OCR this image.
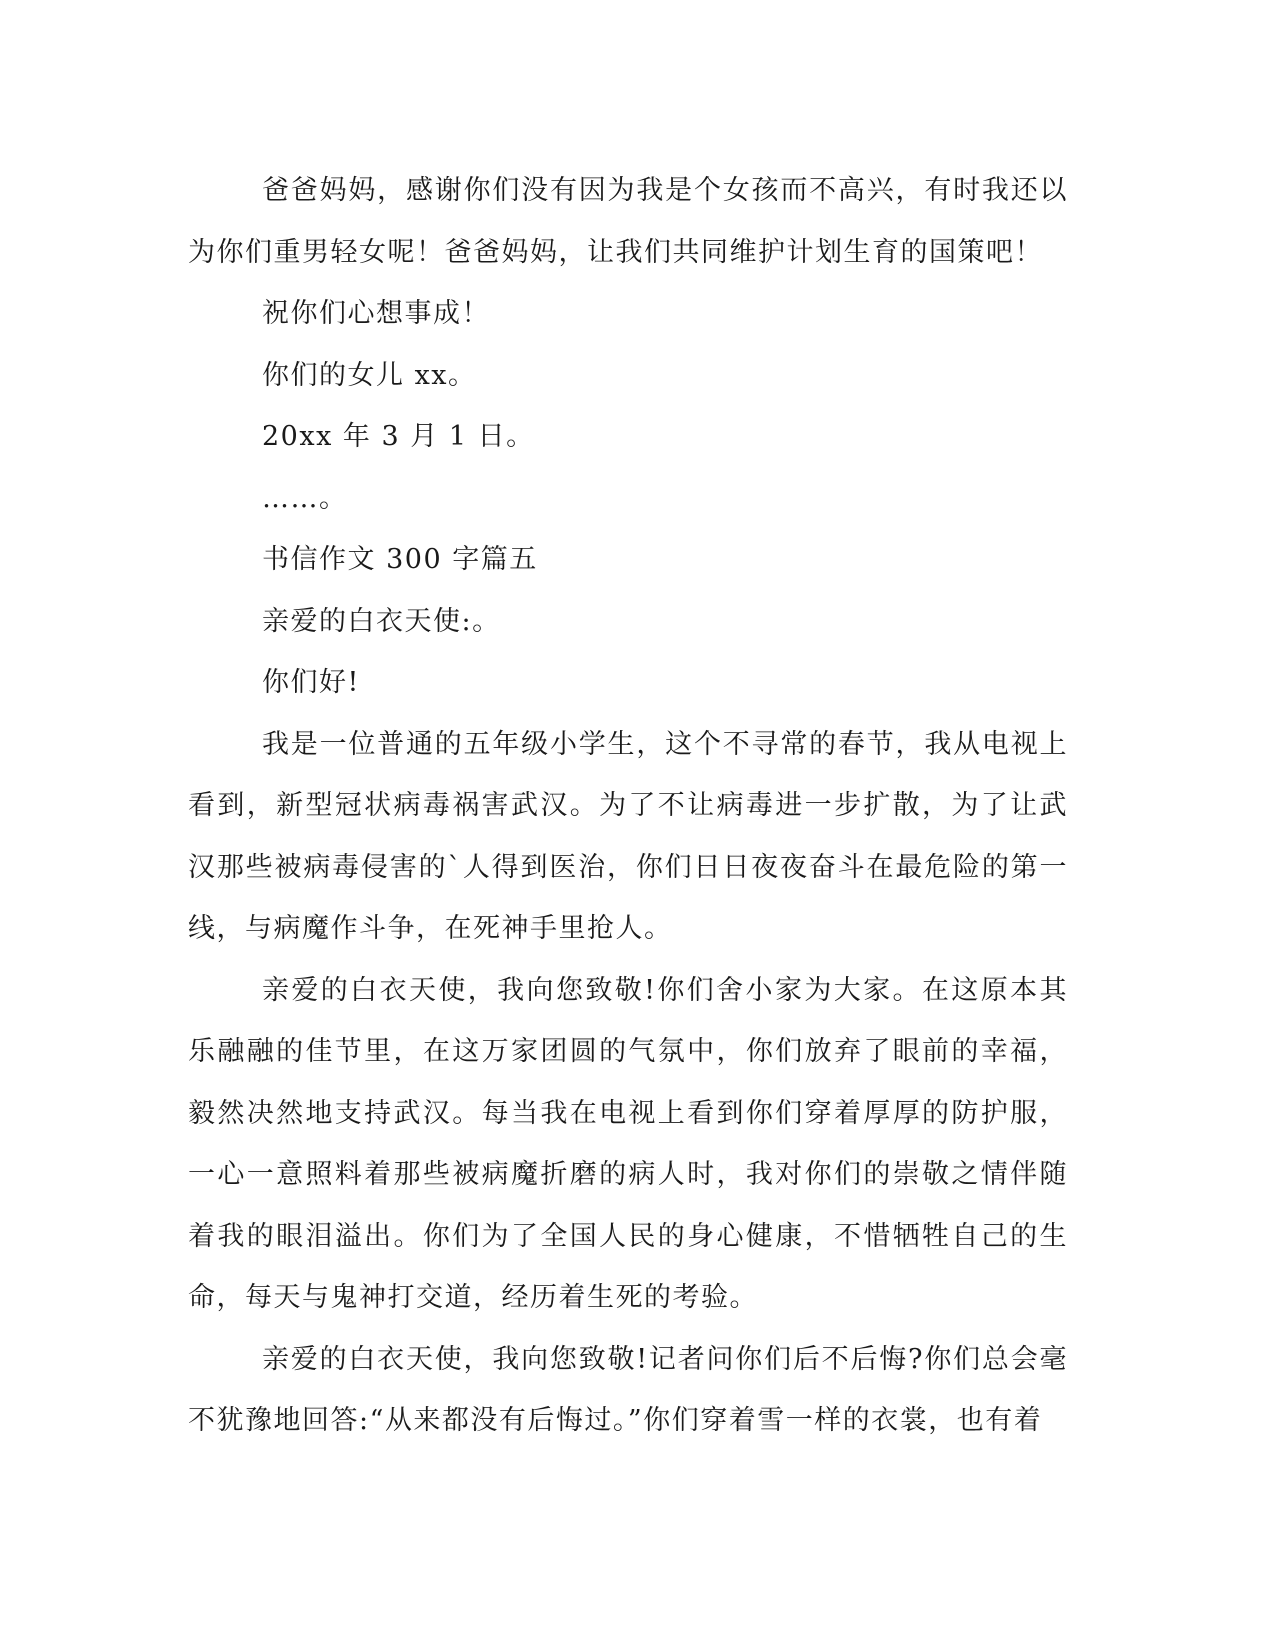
爸爸妈妈，感谢你们没有因为我是个女孩而不高兴，有时我还以为你们重男轻女呢！爸爸妈妈，让我们共同维护计划生育的国策吧！

祝你们心想事成！

你们的女儿 xx。

20xx 年 3 月 1 日。

……。

书信作文 300 字篇五

亲爱的白衣天使:。

你们好!

我是一位普通的五年级小学生，这个不寻常的春节，我从电视上看到，新型冠状病毒祸害武汉。为了不让病毒进一步扩散，为了让武汉那些被病毒侵害的`人得到医治，你们日日夜夜奋斗在最危险的第一线，与病魔作斗争，在死神手里抢人。

亲爱的白衣天使，我向您致敬!你们舍小家为大家。在这原本其乐融融的佳节里，在这万家团圆的气氛中，你们放弃了眼前的幸福，毅然决然地支持武汉。每当我在电视上看到你们穿着厚厚的防护服，一心一意照料着那些被病魔折磨的病人时，我对你们的崇敬之情伴随着我的眼泪溢出。你们为了全国人民的身心健康，不惜牺牲自己的生命，每天与鬼神打交道，经历着生死的考验。

亲爱的白衣天使，我向您致敬!记者问你们后不后悔?你们总会毫不犹豫地回答:“从来都没有后悔过。”你们穿着雪一样的衣裳，也有着
